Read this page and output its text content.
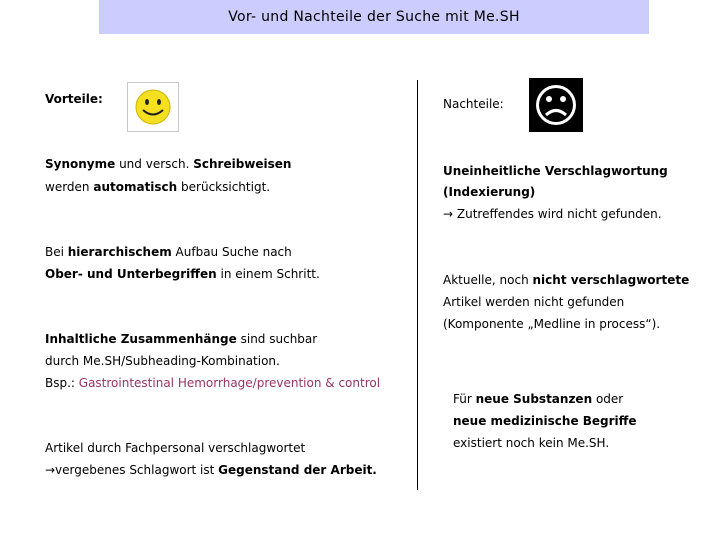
Vor- und Nachteile der Suche mit Me.SH
Vorteile:
Synonyme und versch. Schreibweisen
werden automatisch berücksichtigt.
Bei hierarchischem Aufbau Suche nach
Ober- und Unterbegriffen in einem Schritt.
Inhaltliche Zusammenhänge sind suchbar
durch Me.SH/Subheading-Kombination.
Bsp.: Gastrointestinal Hemorrhage/prevention & control
Artikel durch Fachpersonal verschlagwortet
→vergebenes Schlagwort ist Gegenstand der Arbeit.
Nachteile:
Uneinheitliche Verschlagwortung
(Indexierung)
→ Zutreffendes wird nicht gefunden.
Aktuelle, noch nicht verschlagwortete
Artikel werden nicht gefunden
(Komponente „Medline in process“).
Für neue Substanzen oder
neue medizinische Begriffe
existiert noch kein Me.SH.
